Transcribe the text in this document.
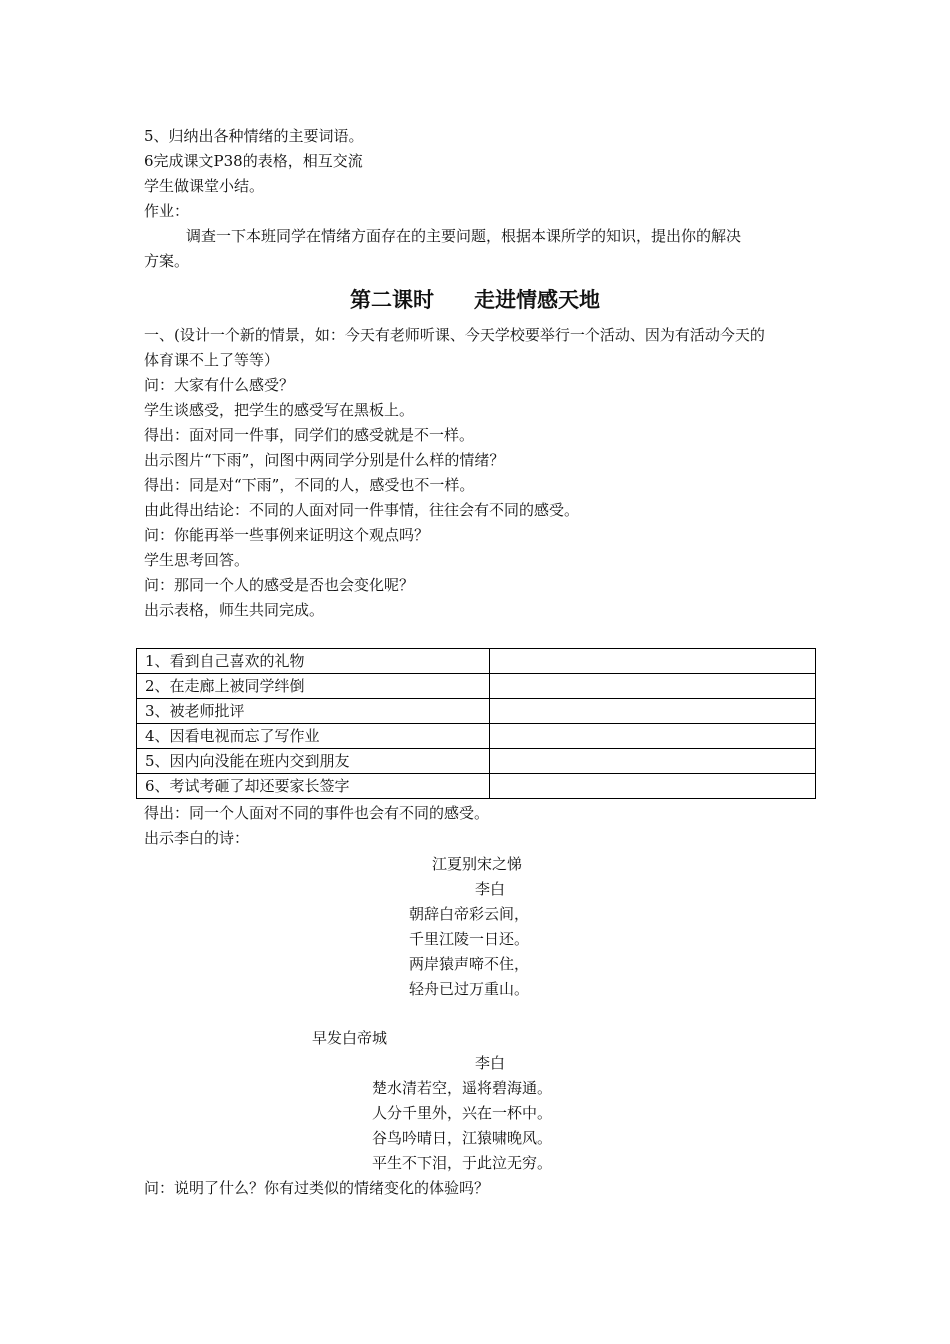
5、归纳出各种情绪的主要词语。
6完成课文P38的表格，相互交流
学生做课堂小结。
作业：
调查一下本班同学在情绪方面存在的主要问题，根据本课所学的知识，提出你的解决
方案。
第二课时 走进情感天地
一、(设计一个新的情景，如：今天有老师听课、今天学校要举行一个活动、因为有活动今天的
体育课不上了等等）
问：大家有什么感受？
学生谈感受，把学生的感受写在黑板上。
得出：面对同一件事，同学们的感受就是不一样。
出示图片“下雨”，问图中两同学分别是什么样的情绪？
得出：同是对“下雨”，不同的人，感受也不一样。
由此得出结论：不同的人面对同一件事情，往往会有不同的感受。
问：你能再举一些事例来证明这个观点吗？
学生思考回答。
问：那同一个人的感受是否也会变化呢？
出示表格，师生共同完成。
1、看到自己喜欢的礼物	
2、在走廊上被同学绊倒	
3、被老师批评	
4、因看电视而忘了写作业	
5、因内向没能在班内交到朋友	
6、考试考砸了却还要家长签字	
得出：同一个人面对不同的事件也会有不同的感受。
出示李白的诗：
江夏别宋之悌
李白
朝辞白帝彩云间，
千里江陵一日还。
两岸猿声啼不住，
轻舟已过万重山。
早发白帝城
李白
楚水清若空，遥将碧海通。
人分千里外，兴在一杯中。
谷鸟吟晴日，江猿啸晚风。
平生不下泪，于此泣无穷。
问：说明了什么？你有过类似的情绪变化的体验吗？
